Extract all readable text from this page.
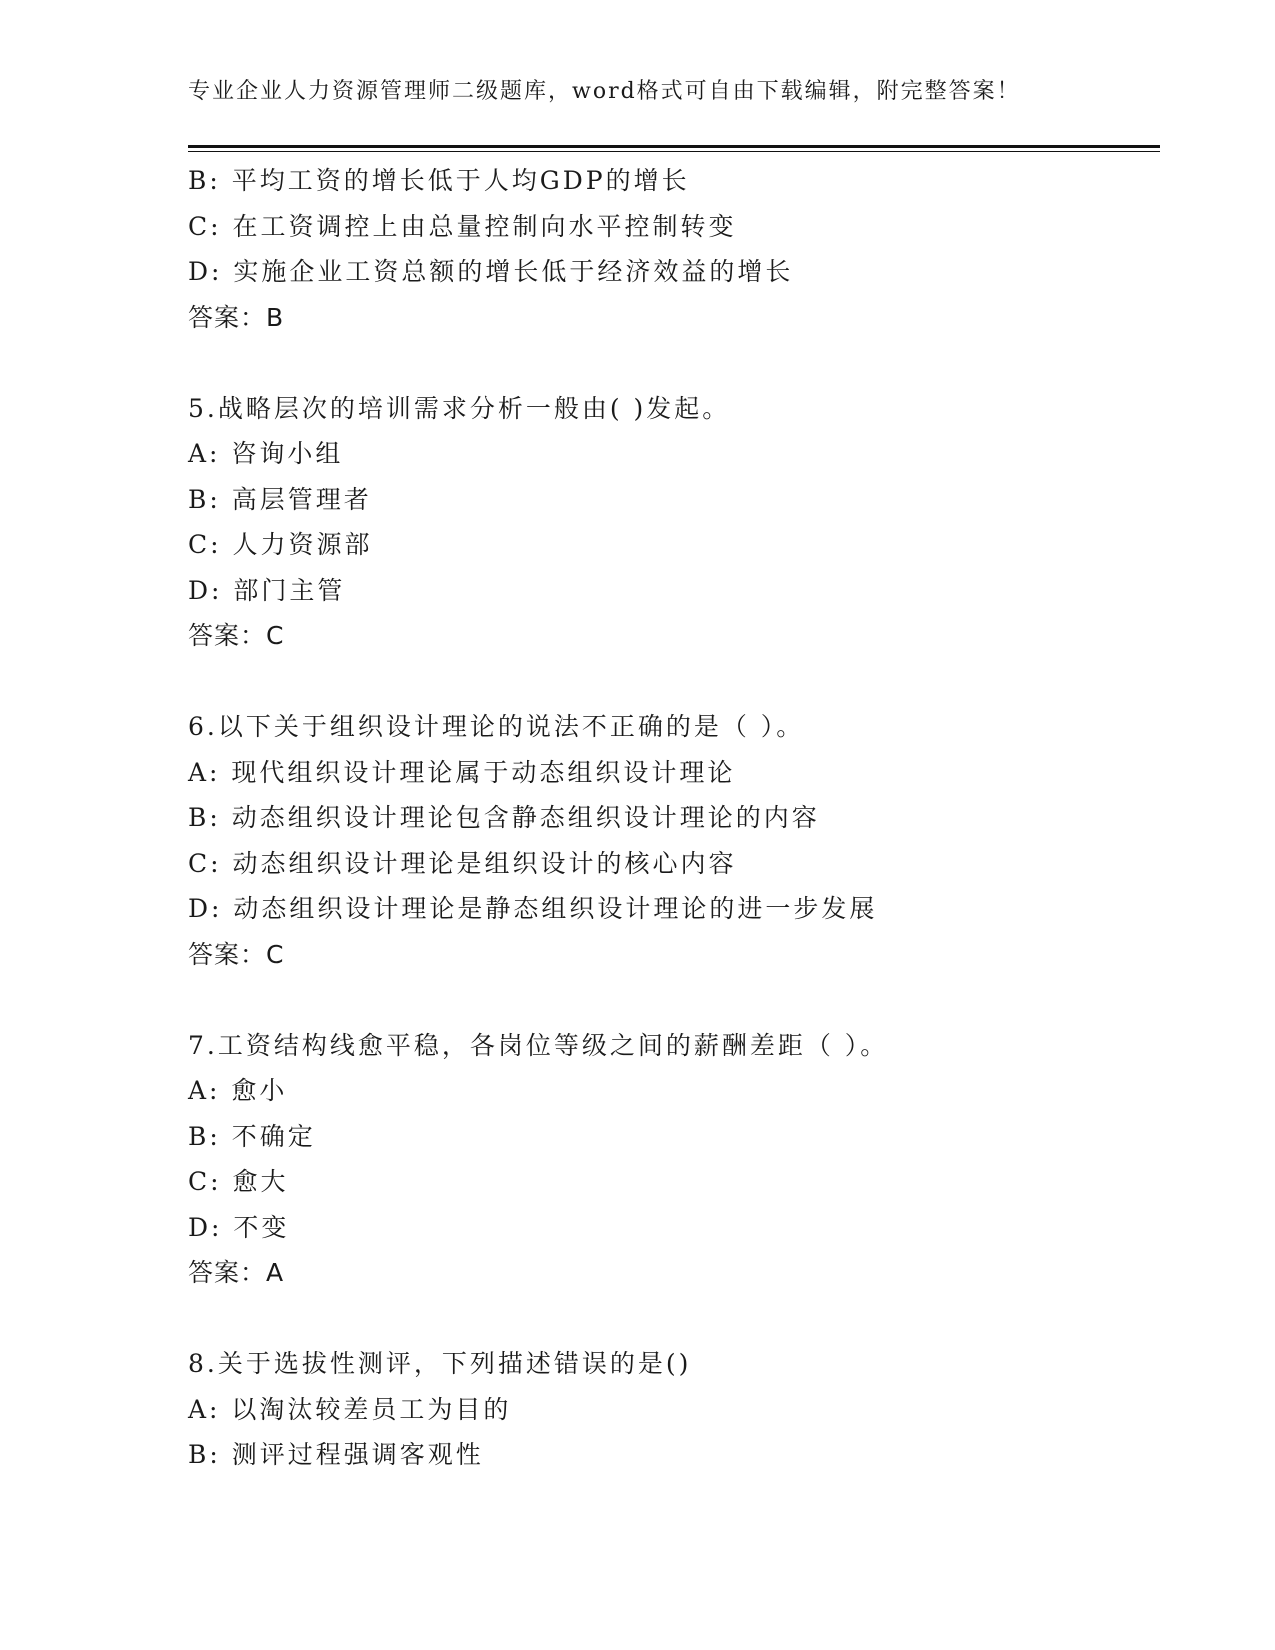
专业企业人力资源管理师二级题库，word格式可自由下载编辑，附完整答案！
B: 平均工资的增长低于人均GDP的增长
C: 在工资调控上由总量控制向水平控制转变
D: 实施企业工资总额的增长低于经济效益的增长
答案：B
5.战略层次的培训需求分析一般由( )发起。
A: 咨询小组
B: 高层管理者
C: 人力资源部
D: 部门主管
答案：C
6.以下关于组织设计理论的说法不正确的是（ ）。
A: 现代组织设计理论属于动态组织设计理论
B: 动态组织设计理论包含静态组织设计理论的内容
C: 动态组织设计理论是组织设计的核心内容
D: 动态组织设计理论是静态组织设计理论的进一步发展
答案：C
7.工资结构线愈平稳，各岗位等级之间的薪酬差距（ ）。
A: 愈小
B: 不确定
C: 愈大
D: 不变
答案：A
8.关于选拔性测评，下列描述错误的是()
A: 以淘汰较差员工为目的
B: 测评过程强调客观性
